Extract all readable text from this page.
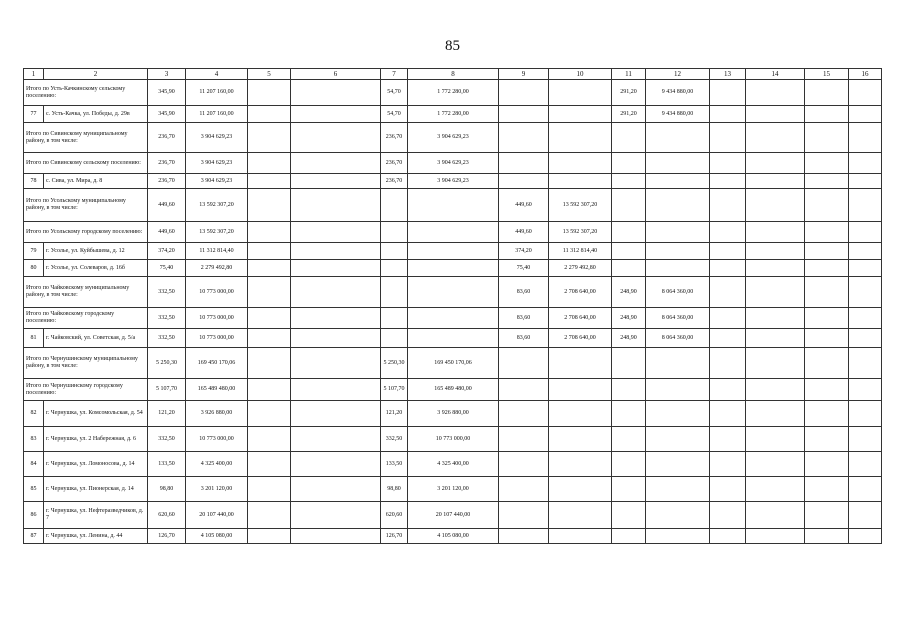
85
1	2	3	4	5	6	7	8	9	10	11	12	13	14	15	16
Итого по Усть-Качкинскому сельскому поселению:		345,90	11 207 160,00			54,70	1 772 280,00			291,20	9 434 880,00				
77	с. Усть-Качка, ул. Победы, д. 29в	345,90	11 207 160,00			54,70	1 772 280,00			291,20	9 434 880,00				
Итого по Сивинскому муниципальному району, в том числе:		236,70	3 904 629,23			236,70	3 904 629,23								
Итого по Сивинскому сельскому поселению:		236,70	3 904 629,23			236,70	3 904 629,23								
78	с. Сива, ул. Мира, д. 8	236,70	3 904 629,23			236,70	3 904 629,23								
Итого по Усольскому муниципальному району, в том числе:		449,60	13 592 307,20					449,60	13 592 307,20						
Итого по Усольскому городскому поселению:		449,60	13 592 307,20					449,60	13 592 307,20						
79	г. Усолье, ул. Куйбышева, д. 12	374,20	11 312 814,40					374,20	11 312 814,40						
80	г. Усолье, ул. Солеваров, д. 16б	75,40	2 279 492,80					75,40	2 279 492,80						
Итого по Чайковскому муниципальному району, в том числе:		332,50	10 773 000,00					83,60	2 708 640,00	248,90	8 064 360,00				
Итого по Чайковскому городскому поселению:		332,50	10 773 000,00					83,60	2 708 640,00	248,90	8 064 360,00				
81	г. Чайковский, ул. Советская, д. 5/а	332,50	10 773 000,00					83,60	2 708 640,00	248,90	8 064 360,00				
Итого по Чернушинскому муниципальному району, в том числе:		5 250,30	169 450 170,06			5 250,30	169 450 170,06								
Итого по Чернушинскому городскому поселению:		5 107,70	165 489 480,00			5 107,70	165 489 480,00								
82	г. Чернушка, ул. Комсомольская, д. 54	121,20	3 926 880,00			121,20	3 926 880,00								
83	г. Чернушка, ул. 2 Набережная, д. 6	332,50	10 773 000,00			332,50	10 773 000,00								
84	г. Чернушка, ул. Ломоносова, д. 14	133,50	4 325 400,00			133,50	4 325 400,00								
85	г. Чернушка, ул. Пионерская, д. 14	98,80	3 201 120,00			98,80	3 201 120,00								
86	г. Чернушка, ул. Нефтеразведчиков, д. 7	620,60	20 107 440,00			620,60	20 107 440,00								
87	г. Чернушка, ул. Ленина, д. 44	126,70	4 105 080,00			126,70	4 105 080,00								
